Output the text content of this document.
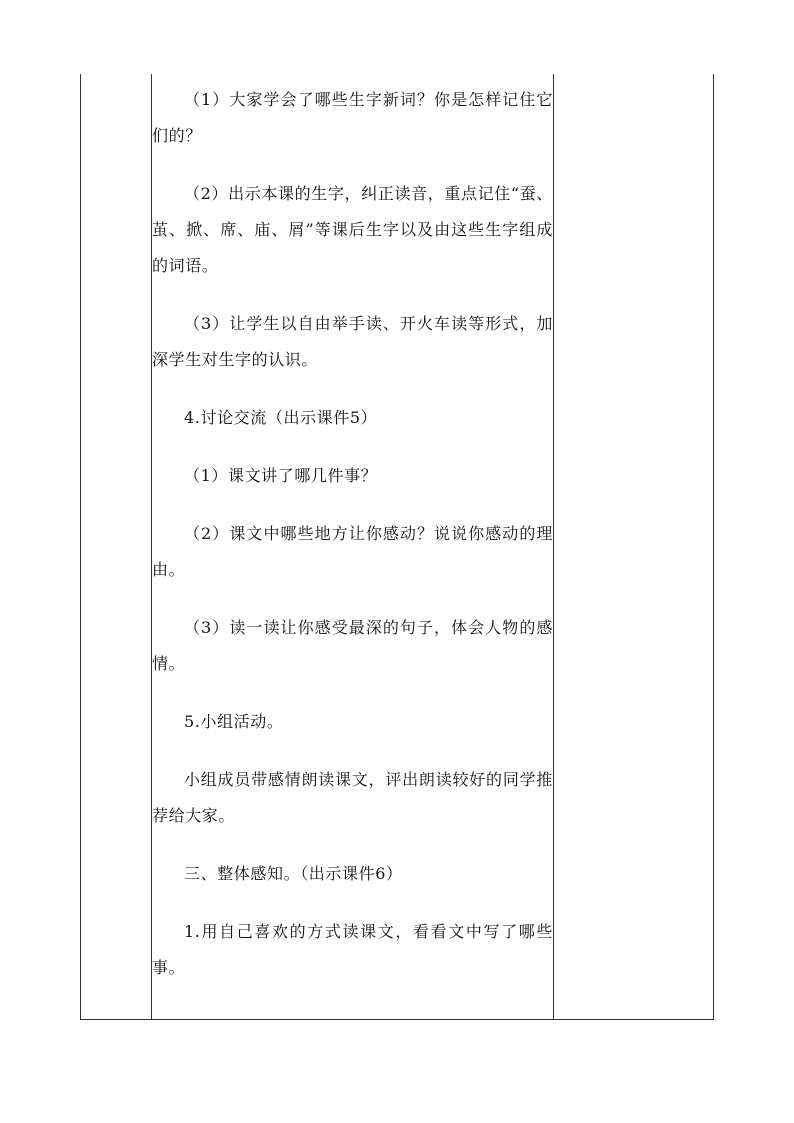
（1）大家学会了哪些生字新词？你是怎样记住它们的？

（2）出示本课的生字，纠正读音，重点记住“蚕、茧、掀、席、庙、屑”等课后生字以及由这些生字组成的词语。

（3）让学生以自由举手读、开火车读等形式，加深学生对生字的认识。

4.讨论交流（出示课件5）

（1）课文讲了哪几件事？

（2）课文中哪些地方让你感动？说说你感动的理由。

（3）读一读让你感受最深的句子，体会人物的感情。

5.小组活动。

小组成员带感情朗读课文，评出朗读较好的同学推荐给大家。

三、整体感知。（出示课件6）

1.用自己喜欢的方式读课文，看看文中写了哪些事。
